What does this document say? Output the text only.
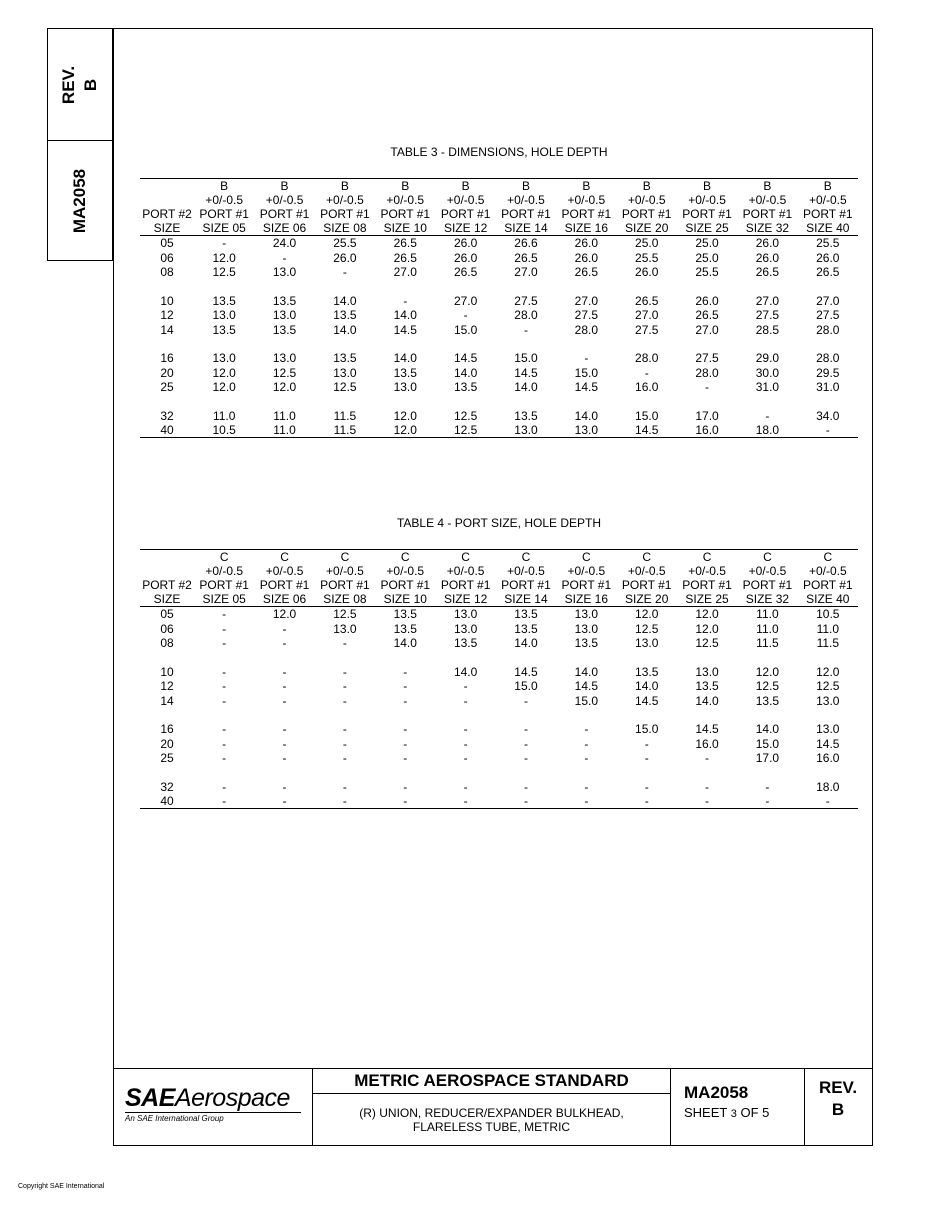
REV. B
MA2058
TABLE 3 - DIMENSIONS, HOLE DEPTH
	B	B	B	B	B	B	B	B	B	B	B
	+0/-0.5	+0/-0.5	+0/-0.5	+0/-0.5	+0/-0.5	+0/-0.5	+0/-0.5	+0/-0.5	+0/-0.5	+0/-0.5	+0/-0.5
PORT #2	PORT #1	PORT #1	PORT #1	PORT #1	PORT #1	PORT #1	PORT #1	PORT #1	PORT #1	PORT #1	PORT #1
SIZE	SIZE 05	SIZE 06	SIZE 08	SIZE 10	SIZE 12	SIZE 14	SIZE 16	SIZE 20	SIZE 25	SIZE 32	SIZE 40
05	-	24.0	25.5	26.5	26.0	26.6	26.0	25.0	25.0	26.0	25.5
06	12.0	-	26.0	26.5	26.0	26.5	26.0	25.5	25.0	26.0	26.0
08	12.5	13.0	-	27.0	26.5	27.0	26.5	26.0	25.5	26.5	26.5

10	13.5	13.5	14.0	-	27.0	27.5	27.0	26.5	26.0	27.0	27.0
12	13.0	13.0	13.5	14.0	-	28.0	27.5	27.0	26.5	27.5	27.5
14	13.5	13.5	14.0	14.5	15.0	-	28.0	27.5	27.0	28.5	28.0

16	13.0	13.0	13.5	14.0	14.5	15.0	-	28.0	27.5	29.0	28.0
20	12.0	12.5	13.0	13.5	14.0	14.5	15.0	-	28.0	30.0	29.5
25	12.0	12.0	12.5	13.0	13.5	14.0	14.5	16.0	-	31.0	31.0

32	11.0	11.0	11.5	12.0	12.5	13.5	14.0	15.0	17.0	-	34.0
40	10.5	11.0	11.5	12.0	12.5	13.0	13.0	14.5	16.0	18.0	-
TABLE 4 - PORT SIZE, HOLE DEPTH
	C	C	C	C	C	C	C	C	C	C	C
	+0/-0.5	+0/-0.5	+0/-0.5	+0/-0.5	+0/-0.5	+0/-0.5	+0/-0.5	+0/-0.5	+0/-0.5	+0/-0.5	+0/-0.5
PORT #2	PORT #1	PORT #1	PORT #1	PORT #1	PORT #1	PORT #1	PORT #1	PORT #1	PORT #1	PORT #1	PORT #1
SIZE	SIZE 05	SIZE 06	SIZE 08	SIZE 10	SIZE 12	SIZE 14	SIZE 16	SIZE 20	SIZE 25	SIZE 32	SIZE 40
05	-	12.0	12.5	13.5	13.0	13.5	13.0	12.0	12.0	11.0	10.5
06	-	-	13.0	13.5	13.0	13.5	13.0	12.5	12.0	11.0	11.0
08	-	-	-	14.0	13.5	14.0	13.5	13.0	12.5	11.5	11.5

10	-	-	-	-	14.0	14.5	14.0	13.5	13.0	12.0	12.0
12	-	-	-	-	-	15.0	14.5	14.0	13.5	12.5	12.5
14	-	-	-	-	-	-	15.0	14.5	14.0	13.5	13.0

16	-	-	-	-	-	-	-	15.0	14.5	14.0	13.0
20	-	-	-	-	-	-	-	-	16.0	15.0	14.5
25	-	-	-	-	-	-	-	-	-	17.0	16.0

32	-	-	-	-	-	-	-	-	-	-	18.0
40	-	-	-	-	-	-	-	-	-	-	-
SAEAerospace
An SAE International Group
METRIC AEROSPACE STANDARD
(R) UNION, REDUCER/EXPANDER BULKHEAD,
FLARELESS TUBE, METRIC
MA2058
SHEET 3 OF 5
REV.
B
Copyright SAE International
